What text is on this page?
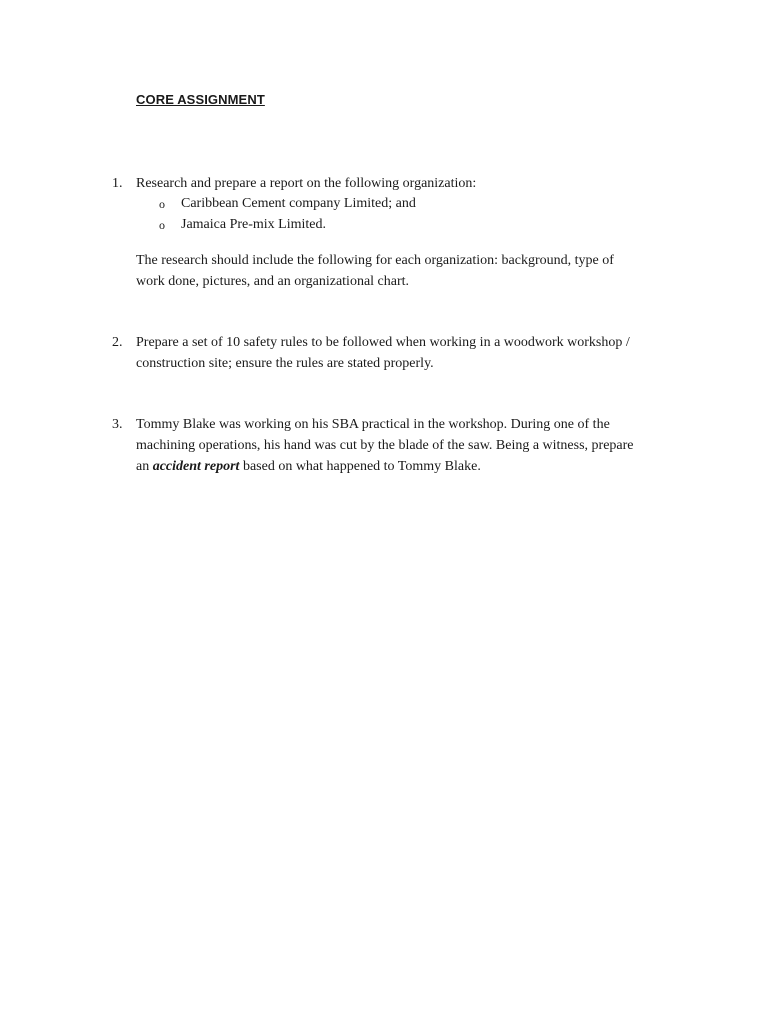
CORE ASSIGNMENT
1. Research and prepare a report on the following organization:
o Caribbean Cement company Limited; and
o Jamaica Pre-mix Limited.
The research should include the following for each organization: background, type of
work done, pictures, and an organizational chart.
2. Prepare a set of 10 safety rules to be followed when working in a woodwork workshop /
construction site; ensure the rules are stated properly.
3. Tommy Blake was working on his SBA practical in the workshop. During one of the
machining operations, his hand was cut by the blade of the saw. Being a witness, prepare
an accident report based on what happened to Tommy Blake.
